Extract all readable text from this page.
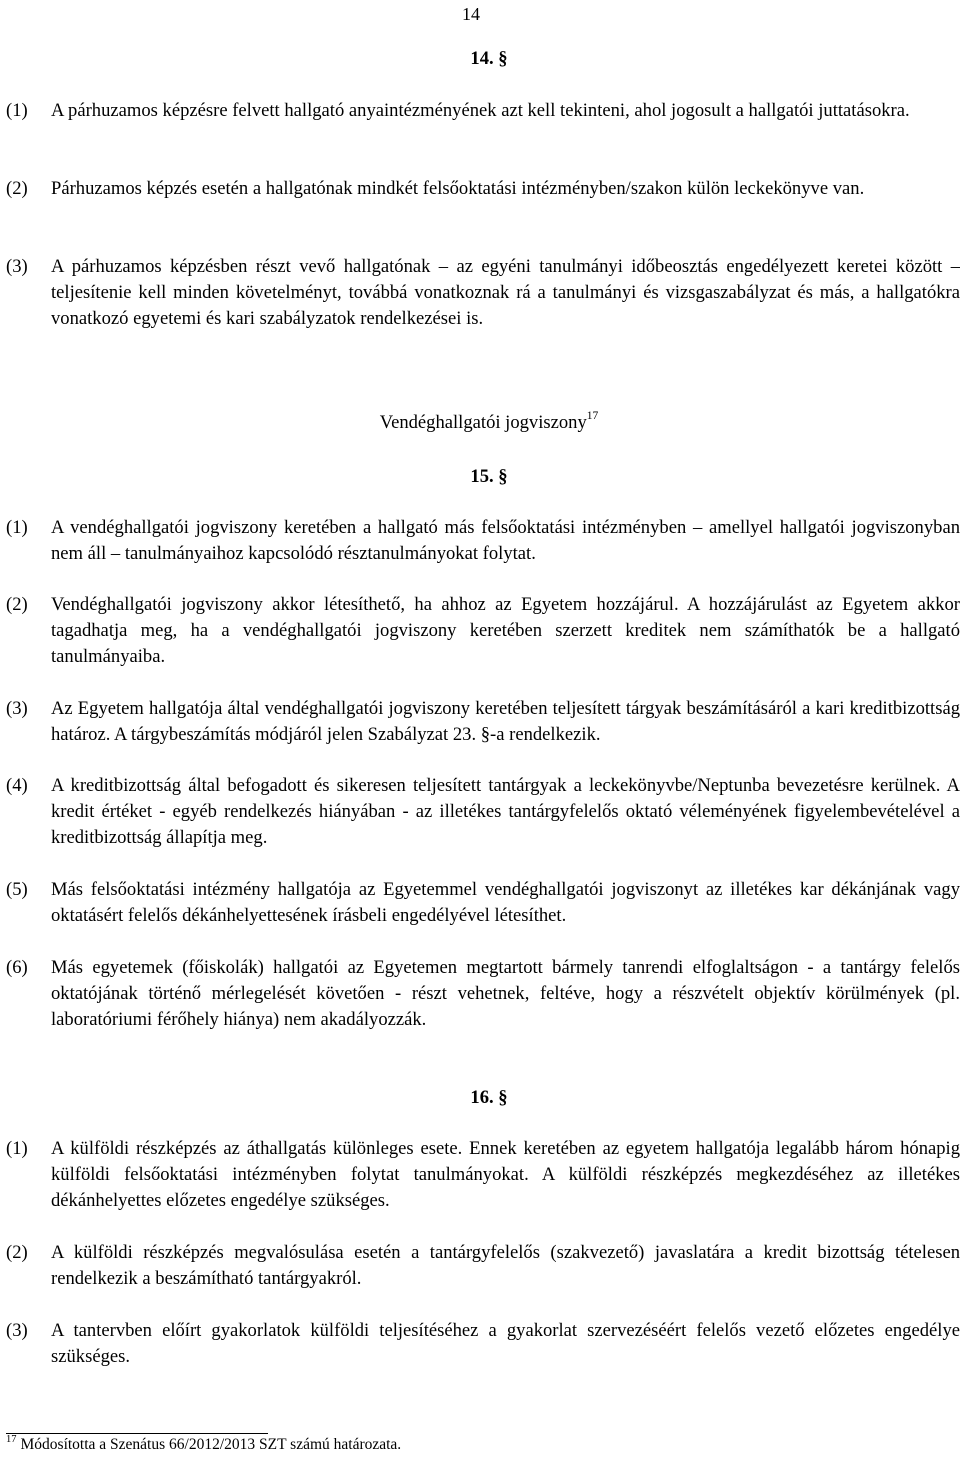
14
14. §
(1) A párhuzamos képzésre felvett hallgató anyaintézményének azt kell tekinteni, ahol jogosult a hallgatói juttatásokra.
(2) Párhuzamos képzés esetén a hallgatónak mindkét felsőoktatási intézményben/szakon külön leckekönyve van.
(3) A párhuzamos képzésben részt vevő hallgatónak – az egyéni tanulmányi időbeosztás engedélyezett keretei között – teljesítenie kell minden követelményt, továbbá vonatkoznak rá a tanulmányi és vizsgaszabályzat és más, a hallgatókra vonatkozó egyetemi és kari szabályzatok rendelkezései is.
Vendéghallgatói jogviszony$^{17}$
15. §
(1) A vendéghallgatói jogviszony keretében a hallgató más felsőoktatási intézményben – amellyel hallgatói jogviszonyban nem áll – tanulmányaihoz kapcsolódó résztanulmányokat folytat.
(2) Vendéghallgatói jogviszony akkor létesíthető, ha ahhoz az Egyetem hozzájárul. A hozzájárulást az Egyetem akkor tagadhatja meg, ha a vendéghallgatói jogviszony keretében szerzett kreditek nem számíthatók be a hallgató tanulmányaiba.
(3) Az Egyetem hallgatója által vendéghallgatói jogviszony keretében teljesített tárgyak beszámításáról a kari kreditbizottság határoz. A tárgybeszámítás módjáról jelen Szabályzat 23. §-a rendelkezik.
(4) A kreditbizottság által befogadott és sikeresen teljesített tantárgyak a leckekönyvbe/Neptunba bevezetésre kerülnek. A kredit értéket - egyéb rendelkezés hiányában - az illetékes tantárgyfelelős oktató véleményének figyelembevételével a kreditbizottság állapítja meg.
(5) Más felsőoktatási intézmény hallgatója az Egyetemmel vendéghallgatói jogviszonyt az illetékes kar dékánjának vagy oktatásért felelős dékánhelyettesének írásbeli engedélyével létesíthet.
(6) Más egyetemek (főiskolák) hallgatói az Egyetemen megtartott bármely tanrendi elfoglaltságon - a tantárgy felelős oktatójának történő mérlegelését követően - részt vehetnek, feltéve, hogy a részvételt objektív körülmények (pl. laboratóriumi férőhely hiánya) nem akadályozzák.
16. §
(1) A külföldi részképzés az áthallgatás különleges esete. Ennek keretében az egyetem hallgatója legalább három hónapig külföldi felsőoktatási intézményben folytat tanulmányokat. A külföldi részképzés megkezdéséhez az illetékes dékánhelyettes előzetes engedélye szükséges.
(2) A külföldi részképzés megvalósulása esetén a tantárgyfelelős (szakvezető) javaslatára a kredit bizottság tételesen rendelkezik a beszámítható tantárgyakról.
(3) A tantervben előírt gyakorlatok külföldi teljesítéséhez a gyakorlat szervezéséért felelős vezető előzetes engedélye szükséges.
$^{17}$ Módosította a Szenátus 66/2012/2013 SZT számú határozata.
